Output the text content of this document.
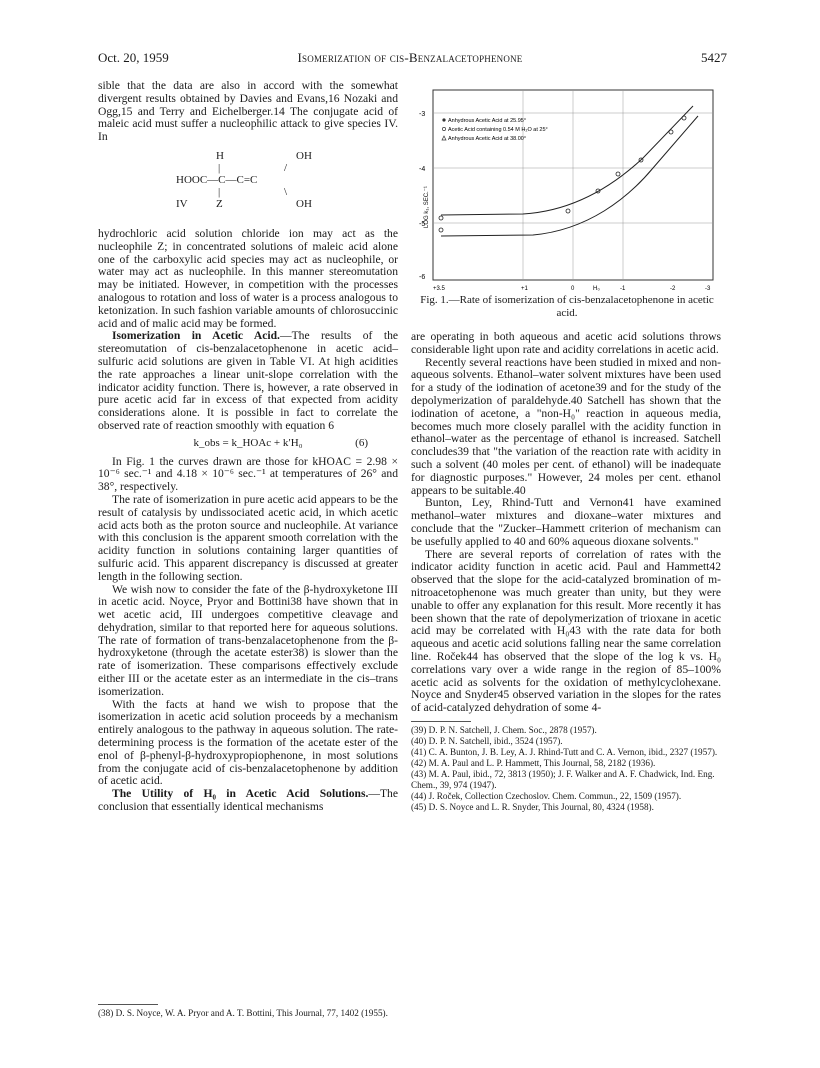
Oct. 20, 1959	Isomerization of cis-Benzalacetophenone	5427

sible that the data are also in accord with the somewhat divergent results obtained by Davies and Evans,16 Nozaki and Ogg,15 and Terry and Eichelberger.14 The conjugate acid of maleic acid must suffer a nucleophilic attack to give species IV. In

H	OH
|	/
HOOC—C—C=C
|	\
IV	Z	OH

hydrochloric acid solution chloride ion may act as the nucleophile Z; in concentrated solutions of maleic acid alone one of the carboxylic acid species may act as nucleophile, or water may act as nucleophile. In this manner stereomutation may be initiated. However, in competition with the processes analogous to rotation and loss of water is a process analogous to ketonization. In such fashion variable amounts of chlorosuccinic acid and of malic acid may be formed.

Isomerization in Acetic Acid.—The results of the stereomutation of cis-benzalacetophenone in acetic acid–sulfuric acid solutions are given in Table VI. At high acidities the rate approaches a linear unit-slope correlation with the indicator acidity function. There is, however, a rate observed in pure acetic acid far in excess of that expected from acidity considerations alone. It is possible in fact to correlate the observed rate of reaction smoothly with equation 6

k_obs = k_HOAc + k′H₀	(6)

In Fig. 1 the curves drawn are those for kHOAC = 2.98 × 10⁻⁶ sec.⁻¹ and 4.18 × 10⁻⁶ sec.⁻¹ at temperatures of 26° and 38°, respectively.

The rate of isomerization in pure acetic acid appears to be the result of catalysis by undissociated acetic acid, in which acetic acid acts both as the proton source and nucleophile. At variance with this conclusion is the apparent smooth correlation with the acidity function in solutions containing larger quantities of sulfuric acid. This apparent discrepancy is discussed at greater length in the following section.

We wish now to consider the fate of the β-hydroxyketone III in acetic acid. Noyce, Pryor and Bottini38 have shown that in wet acetic acid, III undergoes competitive cleavage and dehydration, similar to that reported here for aqueous solutions. The rate of formation of trans-benzalacetophenone from the β-hydroxyketone (through the acetate ester38) is slower than the rate of isomerization. These comparisons effectively exclude either III or the acetate ester as an intermediate in the cis–trans isomerization.

With the facts at hand we wish to propose that the isomerization in acetic acid solution proceeds by a mechanism entirely analogous to the pathway in aqueous solution. The rate-determining process is the formation of the acetate ester of the enol of β-phenyl-β-hydroxypropiophenone, in most solutions from the conjugate acid of cis-benzalacetophenone by addition of acetic acid.

The Utility of H₀ in Acetic Acid Solutions.—The conclusion that essentially identical mechanisms

(38) D. S. Noyce, W. A. Pryor and A. T. Bottini, This Journal, 77, 1402 (1955).
-3
-4
-5
-6
+3.5	+1	0	H₀	-1	-2	-3
LOG k₁, SEC.⁻¹
Anhydrous Acetic Acid at 25.95°
Acetic Acid containing 0.54 M H₂O at 25°
Anhydrous Acetic Acid at 38.00°
Fig. 1.—Rate of isomerization of cis-benzalacetophenone in acetic acid.

are operating in both aqueous and acetic acid solutions throws considerable light upon rate and acidity correlations in acetic acid.

Recently several reactions have been studied in mixed and non-aqueous solvents. Ethanol–water solvent mixtures have been used for a study of the iodination of acetone39 and for the study of the depolymerization of paraldehyde.40 Satchell has shown that the iodination of acetone, a "non-H₀" reaction in aqueous media, becomes much more closely parallel with the acidity function in ethanol–water as the percentage of ethanol is increased. Satchell concludes39 that "the variation of the reaction rate with acidity in such a solvent (40 moles per cent. of ethanol) will be inadequate for diagnostic purposes." However, 24 moles per cent. ethanol appears to be suitable.40

Bunton, Ley, Rhind-Tutt and Vernon41 have examined methanol–water mixtures and dioxane–water mixtures and conclude that the "Zucker–Hammett criterion of mechanism can be usefully applied to 40 and 60% aqueous dioxane solvents."

There are several reports of correlation of rates with the indicator acidity function in acetic acid. Paul and Hammett42 observed that the slope for the acid-catalyzed bromination of m-nitroacetophenone was much greater than unity, but they were unable to offer any explanation for this result. More recently it has been shown that the rate of depolymerization of trioxane in acetic acid may be correlated with H₀43 with the rate data for both aqueous and acetic acid solutions falling near the same correlation line. Roček44 has observed that the slope of the log k vs. H₀ correlations vary over a wide range in the region of 85–100% acetic acid as solvents for the oxidation of methylcyclohexane. Noyce and Snyder45 observed variation in the slopes for the rates of acid-catalyzed dehydration of some 4-

(39) D. P. N. Satchell, J. Chem. Soc., 2878 (1957).
(40) D. P. N. Satchell, ibid., 3524 (1957).
(41) C. A. Bunton, J. B. Ley, A. J. Rhind-Tutt and C. A. Vernon, ibid., 2327 (1957).
(42) M. A. Paul and L. P. Hammett, This Journal, 58, 2182 (1936).
(43) M. A. Paul, ibid., 72, 3813 (1950); J. F. Walker and A. F. Chadwick, Ind. Eng. Chem., 39, 974 (1947).
(44) J. Roček, Collection Czechoslov. Chem. Commun., 22, 1509 (1957).
(45) D. S. Noyce and L. R. Snyder, This Journal, 80, 4324 (1958).
